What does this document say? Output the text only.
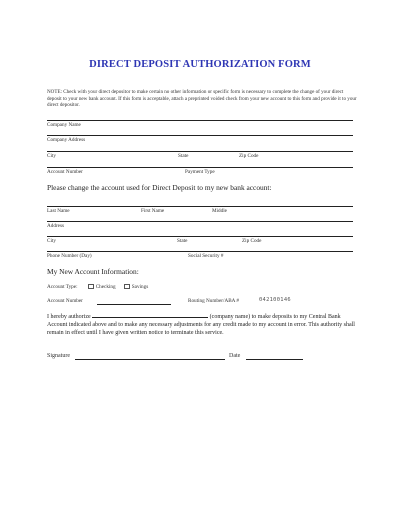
DIRECT DEPOSIT AUTHORIZATION FORM
NOTE: Check with your direct depositor to make certain no other information or specific form is necessary to complete the change of your direct deposit to your new bank account. If this form is acceptable, attach a preprinted voided check from your new account to this form and provide it to your direct depositor.
Company Name
Company Address
City	State	Zip Code
Account Number	Payment Type
Please change the account used for Direct Deposit to my new bank account:
Last Name	First Name	Middle
Address
City	State	Zip Code
Phone Number (Day)	Social Security #
My New Account Information:
Account Type:	Checking	Savings
Account Number	Routing Number/ABA #	042100146
I hereby authorize	(company name) to make deposits to my Central Bank Account indicated above and to make any necessary adjustments for any credit made to my account in error. This authority shall remain in effect until I have given written notice to terminate this service.
Signature	Date
